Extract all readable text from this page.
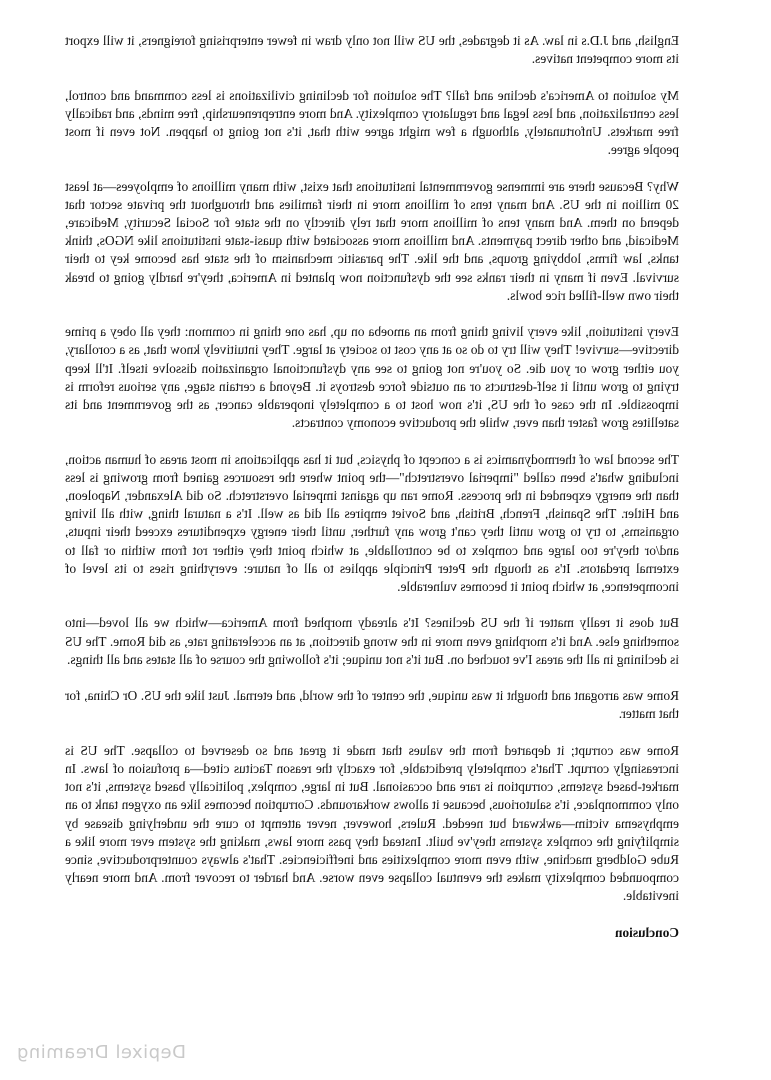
English, and J.D.s in law. As it degrades, the US will not only draw in fewer enterprising foreigners, it will export its more competent natives.

My solution to America's decline and fall? The solution for declining civilizations is less command and control, less centralization, and less legal and regulatory complexity. And more entrepreneurship, free minds, and radically free markets. Unfortunately, although a few might agree with that, it's not going to happen. Not even if most people agree.

Why? Because there are immense governmental institutions that exist, with many millions of employees—at least 20 million in the US. And many tens of millions more in their families and throughout the private sector that depend on them. And many tens of millions more that rely directly on the state for Social Security, Medicare, Medicaid, and other direct payments. And millions more associated with quasi-state institutions like NGOs, think tanks, law firms, lobbying groups, and the like. The parasitic mechanism of the state has become key to their survival. Even if many in their ranks see the dysfunction now planted in America, they're hardly going to break their own well-filled rice bowls.

Every institution, like every living thing from an amoeba on up, has one thing in common: they all obey a prime directive—survive! They will try to do so at any cost to society at large. They intuitively know that, as a corollary, you either grow or you die. So you're not going to see any dysfunctional organization dissolve itself. It'll keep trying to grow until it self-destructs or an outside force destroys it. Beyond a certain stage, any serious reform is impossible. In the case of the US, it's now host to a completely inoperable cancer, as the government and its satellites grow faster than ever, while the productive economy contracts.

The second law of thermodynamics is a concept of physics, but it has applications in most areas of human action, including what's been called "imperial overstretch"—the point where the resources gained from growing is less than the energy expended in the process. Rome ran up against imperial overstretch. So did Alexander, Napoleon, and Hitler. The Spanish, French, British, and Soviet empires all did as well. It's a natural thing, with all living organisms, to try to grow until they can't grow any further, until their energy expenditures exceed their inputs, and/or they're too large and complex to be controllable, at which point they either rot from within or fall to external predators. It's as though the Peter Principle applies to all of nature: everything rises to its level of incompetence, at which point it becomes vulnerable.

But does it really matter if the US declines? It's already morphed from America—which we all loved—into something else. And it's morphing even more in the wrong direction, at an accelerating rate, as did Rome. The US is declining in all the areas I've touched on. But it's not unique; it's following the course of all states and all things.

Rome was arrogant and thought it was unique, the center of the world, and eternal. Just like the US. Or China, for that matter.

Rome was corrupt; it departed from the values that made it great and so deserved to collapse. The US is increasingly corrupt. That's completely predictable, for exactly the reason Tacitus cited—a profusion of laws. In market-based systems, corruption is rare and occasional. But in large, complex, politically based systems, it's not only commonplace, it's salutorious, because it allows workarounds. Corruption becomes like an oxygen tank to an emphysema victim—awkward but needed. Rulers, however, never attempt to cure the underlying disease by simplifying the complex systems they've built. Instead they pass more laws, making the system ever more like a Rube Goldberg machine, with even more complexities and inefficiencies. That's always counterproductive, since compounded complexity makes the eventual collapse even worse. And harder to recover from. And more nearly inevitable.

Conclusion

Depixel Dreaming
